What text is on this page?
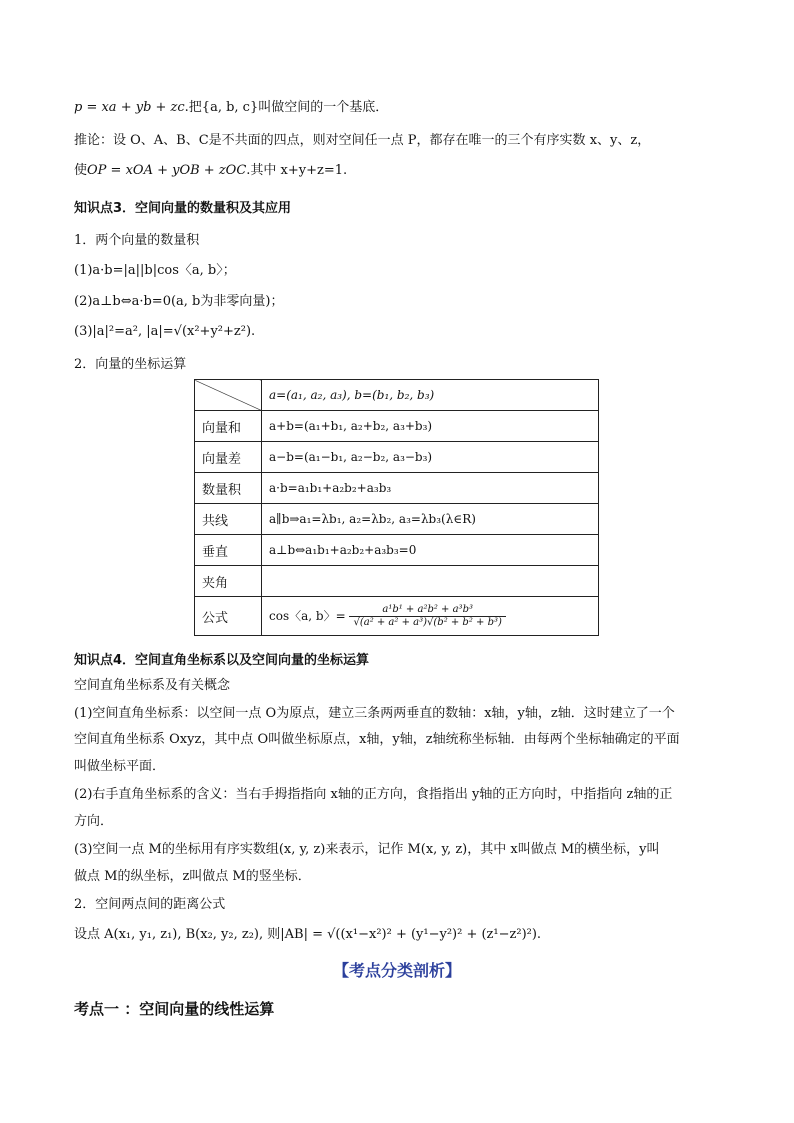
p = xa + yb + zc.把{a, b, c}叫做空间的一个基底．
推论：设 O、A、B、C是不共面的四点，则对空间任一点 P，都存在唯一的三个有序实数 x、y、z，
使OP = xOA + yOB + zOC.其中 x+y+z=1.
知识点3．空间向量的数量积及其应用
1．两个向量的数量积
(1)a·b=|a||b|cos〈a, b〉；
(2)a⊥b⇔a·b=0(a, b为非零向量)；
(3)|a|²=a², |a|=√(x²+y²+z²).
2．向量的坐标运算
	a=(a₁, a₂, a₃), b=(b₁, b₂, b₃)
向量和	a+b=(a₁+b₁, a₂+b₂, a₃+b₃)
向量差	a−b=(a₁−b₁, a₂−b₂, a₃−b₃)
数量积	a·b=a₁b₁+a₂b₂+a₃b₃
共线	a∥b⇒a₁=λb₁, a₂=λb₂, a₃=λb₃(λ∈R)
垂直	a⊥b⇔a₁b₁+a₂b₂+a₃b₃=0
夹角	
公式	cos〈a, b〉= $\frac{\text{a¹b¹ + a²b² + a³b³}}{\text{√(a² + a² + a³)√(b² + b² + b³)}}$
知识点4．空间直角坐标系以及空间向量的坐标运算
空间直角坐标系及有关概念
(1)空间直角坐标系：以空间一点 O为原点，建立三条两两垂直的数轴：x轴，y轴，z轴．这时建立了一个
空间直角坐标系 Oxyz，其中点 O叫做坐标原点，x轴，y轴，z轴统称坐标轴．由每两个坐标轴确定的平面
叫做坐标平面．
(2)右手直角坐标系的含义：当右手拇指指向 x轴的正方向，食指指出 y轴的正方向时，中指指向 z轴的正
方向．
(3)空间一点 M的坐标用有序实数组(x, y, z)来表示，记作 M(x, y, z)，其中 x叫做点 M的横坐标，y叫
做点 M的纵坐标，z叫做点 M的竖坐标．
2．空间两点间的距离公式
设点 A(x₁, y₁, z₁), B(x₂, y₂, z₂), 则|AB| = √((x¹−x²)² + (y¹−y²)² + (z¹−z²)²).
【考点分类剖析】
考点一 ：空间向量的线性运算
